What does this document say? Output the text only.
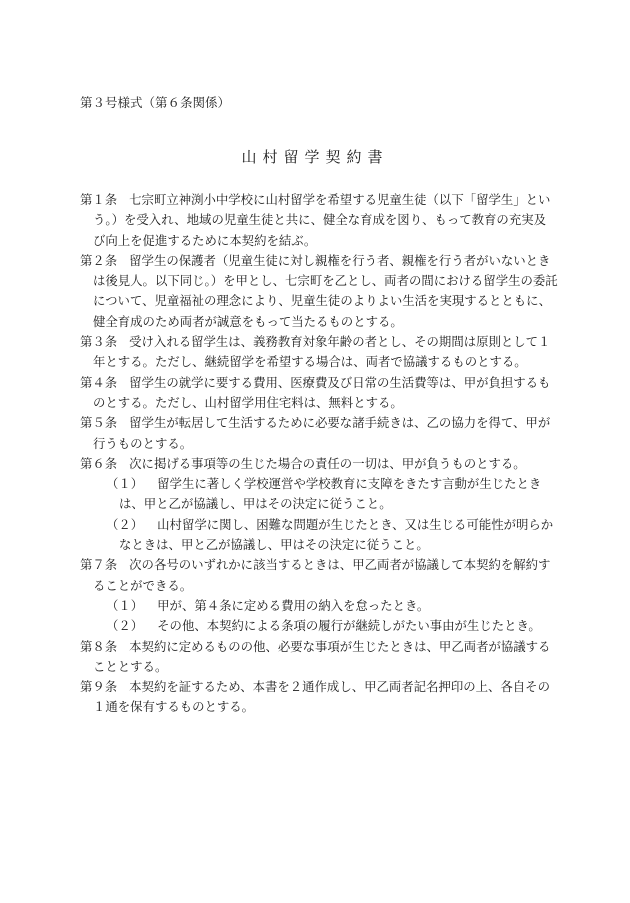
第３号様式（第６条関係）
山村留学契約書
第１条 七宗町立神渕小中学校に山村留学を希望する児童生徒（以下「留学生」という。）を受入れ、地域の児童生徒と共に、健全な育成を図り、もって教育の充実及び向上を促進するために本契約を結ぶ。
第２条 留学生の保護者（児童生徒に対し親権を行う者、親権を行う者がいないときは後見人。以下同じ。）を甲とし、七宗町を乙とし、両者の間における留学生の委託について、児童福祉の理念により、児童生徒のよりよい生活を実現するとともに、健全育成のため両者が誠意をもって当たるものとする。
第３条 受け入れる留学生は、義務教育対象年齢の者とし、その期間は原則として１年とする。ただし、継続留学を希望する場合は、両者で協議するものとする。
第４条 留学生の就学に要する費用、医療費及び日常の生活費等は、甲が負担するものとする。ただし、山村留学用住宅料は、無料とする。
第５条 留学生が転居して生活するために必要な諸手続きは、乙の協力を得て、甲が行うものとする。
第６条 次に掲げる事項等の生じた場合の責任の一切は、甲が負うものとする。
（１） 留学生に著しく学校運営や学校教育に支障をきたす言動が生じたときは、甲と乙が協議し、甲はその決定に従うこと。
（２） 山村留学に関し、困難な問題が生じたとき、又は生じる可能性が明らかなときは、甲と乙が協議し、甲はその決定に従うこと。
第７条 次の各号のいずれかに該当するときは、甲乙両者が協議して本契約を解約することができる。
（１） 甲が、第４条に定める費用の納入を怠ったとき。
（２） その他、本契約による条項の履行が継続しがたい事由が生じたとき。
第８条 本契約に定めるものの他、必要な事項が生じたときは、甲乙両者が協議することとする。
第９条 本契約を証するため、本書を２通作成し、甲乙両者記名押印の上、各自その１通を保有するものとする。
